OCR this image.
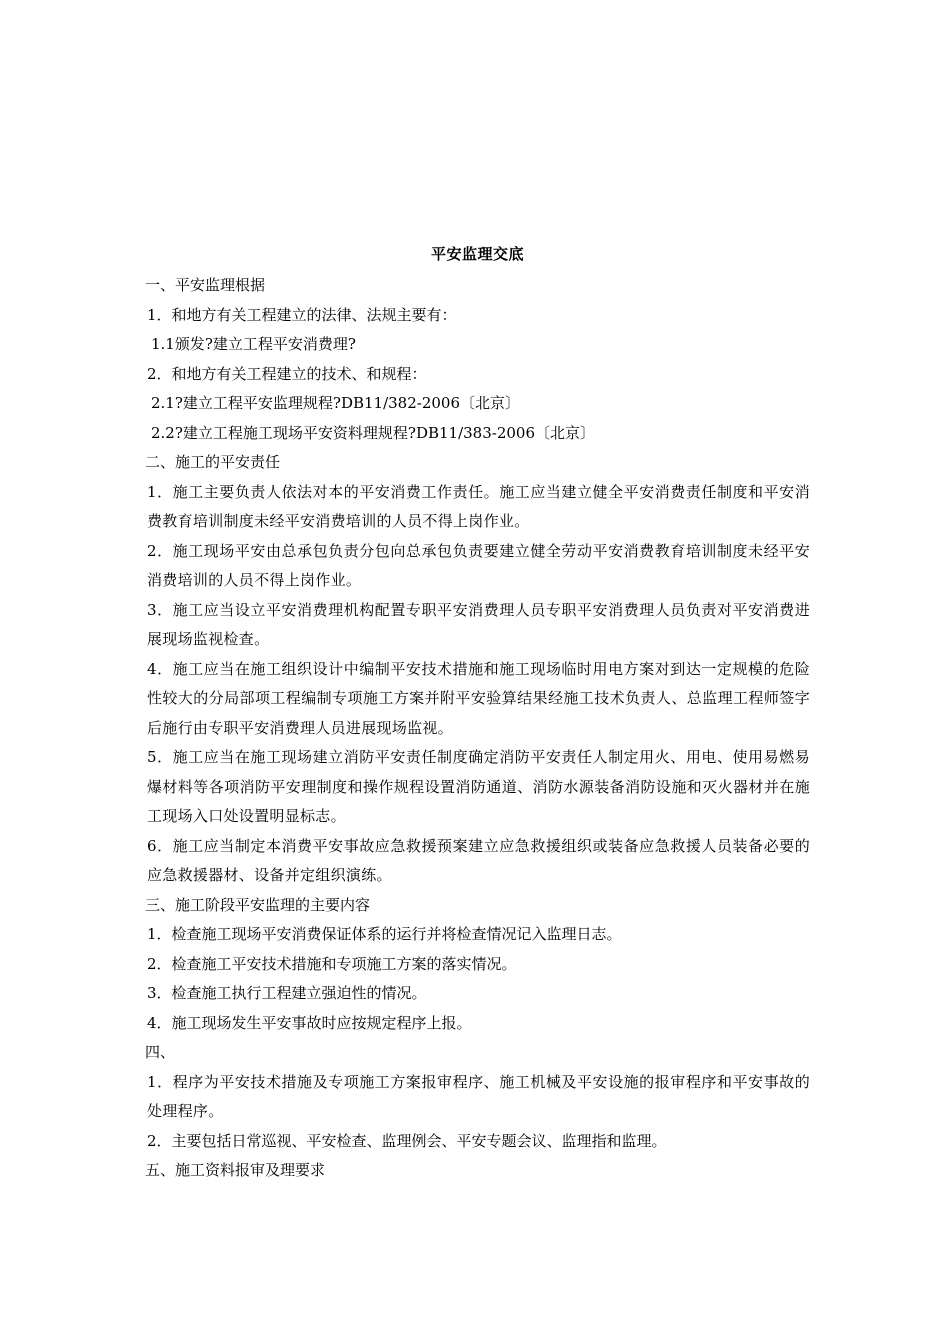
平安监理交底

一、平安监理根据

1．和地方有关工程建立的法律、法规主要有：

1.1颁发?建立工程平安消费理?

2．和地方有关工程建立的技术、和规程：

2.1?建立工程平安监理规程?DB11/382-2006〔北京〕

2.2?建立工程施工现场平安资料理规程?DB11/383-2006〔北京〕

二、施工的平安责任

1．施工主要负责人依法对本的平安消费工作责任。施工应当建立健全平安消费责任制度和平安消费教育培训制度未经平安消费培训的人员不得上岗作业。

2．施工现场平安由总承包负责分包向总承包负责要建立健全劳动平安消费教育培训制度未经平安消费培训的人员不得上岗作业。

3．施工应当设立平安消费理机构配置专职平安消费理人员专职平安消费理人员负责对平安消费进展现场监视检查。

4．施工应当在施工组织设计中编制平安技术措施和施工现场临时用电方案对到达一定规模的危险性较大的分局部项工程编制专项施工方案并附平安验算结果经施工技术负责人、总监理工程师签字后施行由专职平安消费理人员进展现场监视。

5．施工应当在施工现场建立消防平安责任制度确定消防平安责任人制定用火、用电、使用易燃易爆材料等各项消防平安理制度和操作规程设置消防通道、消防水源装备消防设施和灭火器材并在施工现场入口处设置明显标志。

6．施工应当制定本消费平安事故应急救援预案建立应急救援组织或装备应急救援人员装备必要的应急救援器材、设备并定组织演练。

三、施工阶段平安监理的主要内容

1．检查施工现场平安消费保证体系的运行并将检查情况记入监理日志。

2．检查施工平安技术措施和专项施工方案的落实情况。

3．检查施工执行工程建立强迫性的情况。

4．施工现场发生平安事故时应按规定程序上报。

四、

1．程序为平安技术措施及专项施工方案报审程序、施工机械及平安设施的报审程序和平安事故的处理程序。

2．主要包括日常巡视、平安检查、监理例会、平安专题会议、监理指和监理。

五、施工资料报审及理要求
